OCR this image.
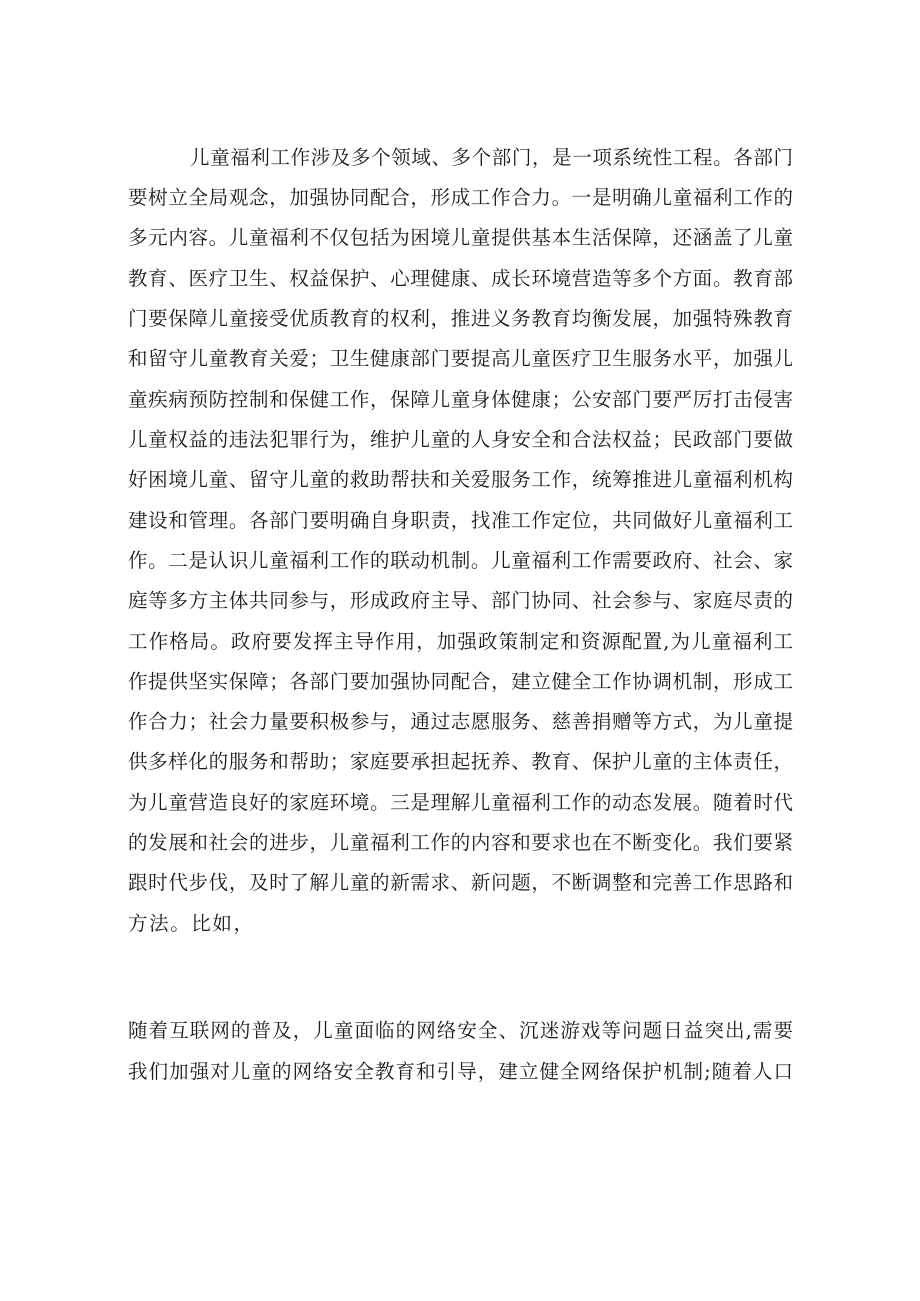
儿童福利工作涉及多个领域、多个部门，是一项系统性工程。各部门
要树立全局观念，加强协同配合，形成工作合力。一是明确儿童福利工作的
多元内容。儿童福利不仅包括为困境儿童提供基本生活保障，还涵盖了儿童
教育、医疗卫生、权益保护、心理健康、成长环境营造等多个方面。教育部
门要保障儿童接受优质教育的权利，推进义务教育均衡发展，加强特殊教育
和留守儿童教育关爱；卫生健康部门要提高儿童医疗卫生服务水平，加强儿
童疾病预防控制和保健工作，保障儿童身体健康；公安部门要严厉打击侵害
儿童权益的违法犯罪行为，维护儿童的人身安全和合法权益；民政部门要做
好困境儿童、留守儿童的救助帮扶和关爱服务工作，统筹推进儿童福利机构
建设和管理。各部门要明确自身职责，找准工作定位，共同做好儿童福利工
作。二是认识儿童福利工作的联动机制。儿童福利工作需要政府、社会、家
庭等多方主体共同参与，形成政府主导、部门协同、社会参与、家庭尽责的
工作格局。政府要发挥主导作用，加强政策制定和资源配置,为儿童福利工
作提供坚实保障；各部门要加强协同配合，建立健全工作协调机制，形成工
作合力；社会力量要积极参与，通过志愿服务、慈善捐赠等方式，为儿童提
供多样化的服务和帮助；家庭要承担起抚养、教育、保护儿童的主体责任，
为儿童营造良好的家庭环境。三是理解儿童福利工作的动态发展。随着时代
的发展和社会的进步，儿童福利工作的内容和要求也在不断变化。我们要紧
跟时代步伐，及时了解儿童的新需求、新问题，不断调整和完善工作思路和
方法。比如，
随着互联网的普及，儿童面临的网络安全、沉迷游戏等问题日益突出,需要
我们加强对儿童的网络安全教育和引导，建立健全网络保护机制;随着人口
